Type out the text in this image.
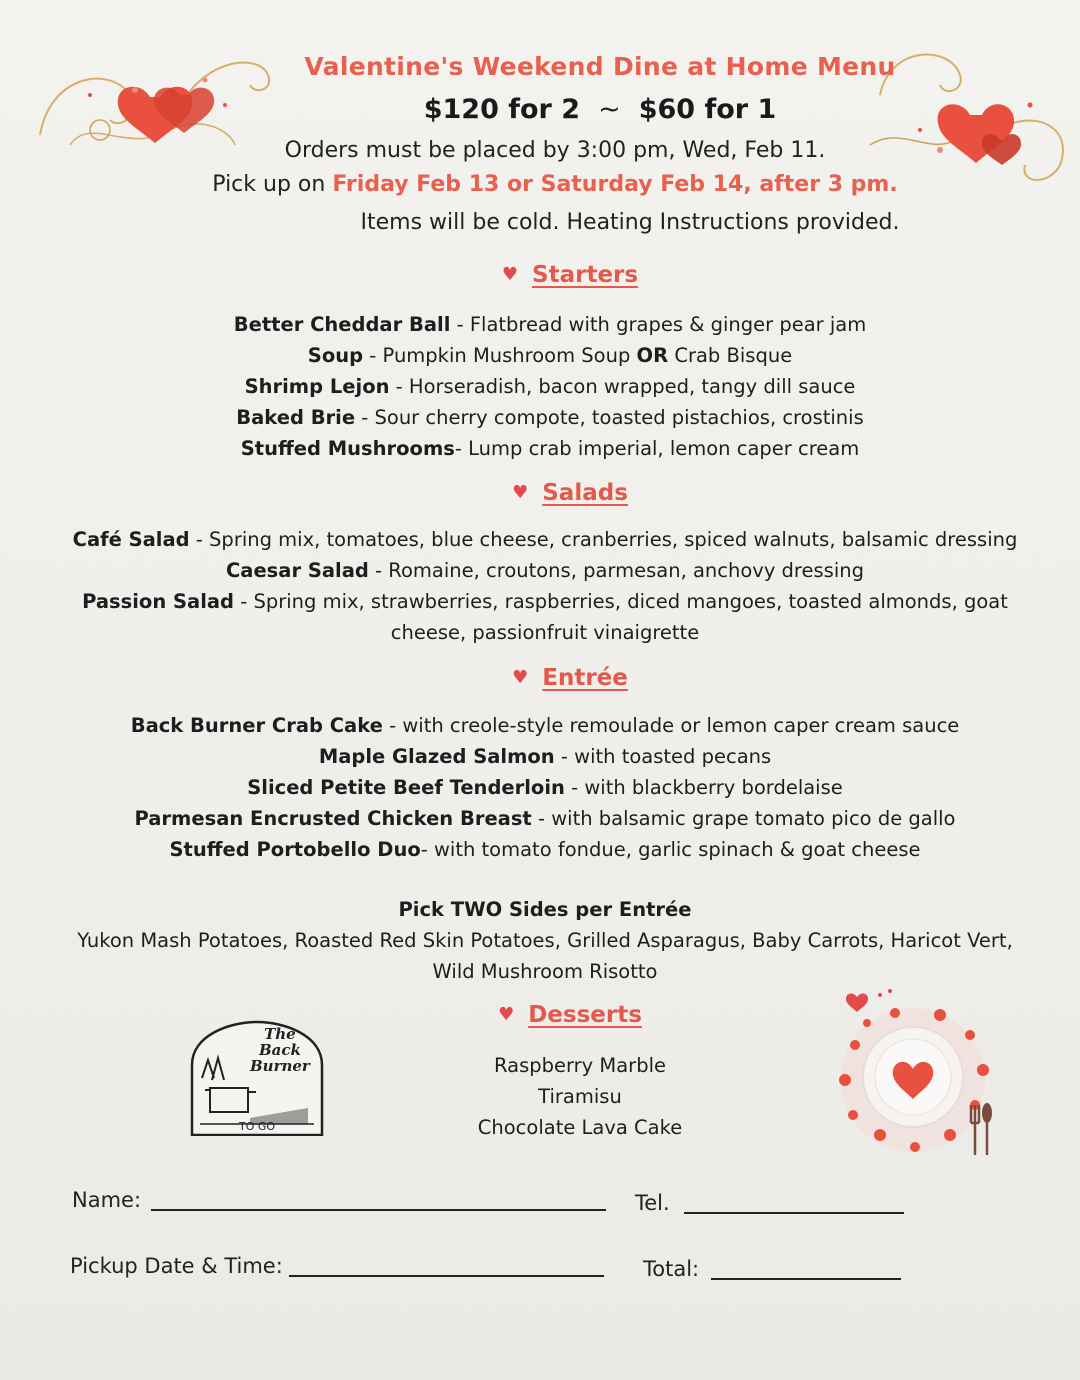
Valentine's Weekend Dine at Home Menu
$120 for 2 ~ $60 for 1
Orders must be placed by 3:00 pm, Wed, Feb 11.
Pick up on Friday Feb 13 or Saturday Feb 14, after 3 pm.
Items will be cold. Heating Instructions provided.
♥ Starters
Better Cheddar Ball - Flatbread with grapes & ginger pear jam
Soup - Pumpkin Mushroom Soup OR Crab Bisque
Shrimp Lejon - Horseradish, bacon wrapped, tangy dill sauce
Baked Brie - Sour cherry compote, toasted pistachios, crostinis
Stuffed Mushrooms- Lump crab imperial, lemon caper cream
♥ Salads
Café Salad - Spring mix, tomatoes, blue cheese, cranberries, spiced walnuts, balsamic dressing
Caesar Salad - Romaine, croutons, parmesan, anchovy dressing
Passion Salad - Spring mix, strawberries, raspberries, diced mangoes, toasted almonds, goat
cheese, passionfruit vinaigrette
♥ Entrée
Back Burner Crab Cake - with creole-style remoulade or lemon caper cream sauce
Maple Glazed Salmon - with toasted pecans
Sliced Petite Beef Tenderloin - with blackberry bordelaise
Parmesan Encrusted Chicken Breast - with balsamic grape tomato pico de gallo
Stuffed Portobello Duo- with tomato fondue, garlic spinach & goat cheese
Pick TWO Sides per Entrée
Yukon Mash Potatoes, Roasted Red Skin Potatoes, Grilled Asparagus, Baby Carrots, Haricot Vert,
Wild Mushroom Risotto
♥ Desserts
Raspberry Marble
Tiramisu
Chocolate Lava Cake
The
Back
Burner
TO GO
Name:	Tel.
Pickup Date & Time:	Total:
